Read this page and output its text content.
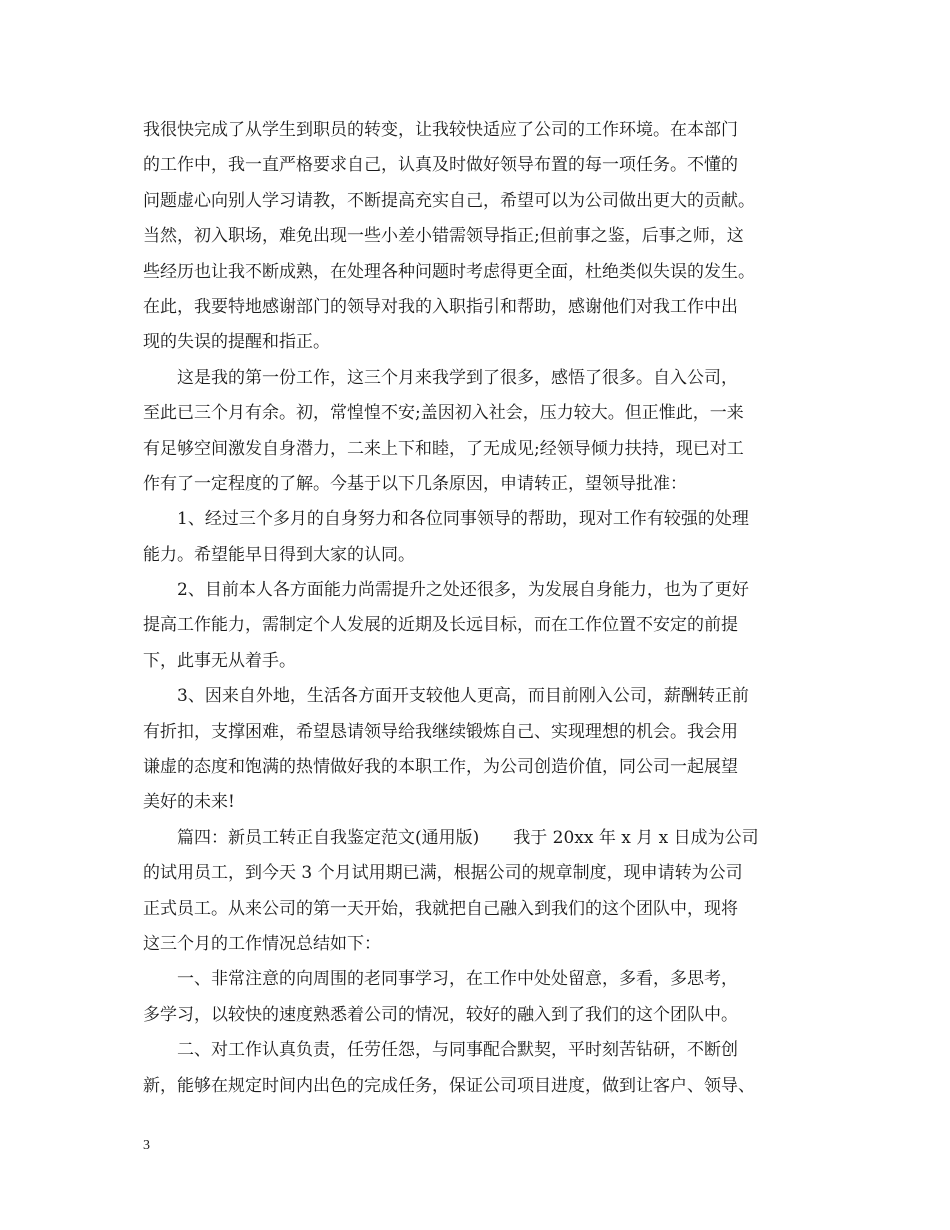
我很快完成了从学生到职员的转变，让我较快适应了公司的工作环境。在本部门
的工作中，我一直严格要求自己，认真及时做好领导布置的每一项任务。不懂的
问题虚心向别人学习请教，不断提高充实自己，希望可以为公司做出更大的贡献。
当然，初入职场，难免出现一些小差小错需领导指正;但前事之鉴，后事之师，这
些经历也让我不断成熟，在处理各种问题时考虑得更全面，杜绝类似失误的发生。
在此，我要特地感谢部门的领导对我的入职指引和帮助，感谢他们对我工作中出
现的失误的提醒和指正。
这是我的第一份工作，这三个月来我学到了很多，感悟了很多。自入公司，
至此已三个月有余。初，常惶惶不安;盖因初入社会，压力较大。但正惟此，一来
有足够空间激发自身潜力，二来上下和睦，了无成见;经领导倾力扶持，现已对工
作有了一定程度的了解。今基于以下几条原因，申请转正，望领导批准：
1、经过三个多月的自身努力和各位同事领导的帮助，现对工作有较强的处理
能力。希望能早日得到大家的认同。
2、目前本人各方面能力尚需提升之处还很多，为发展自身能力，也为了更好
提高工作能力，需制定个人发展的近期及长远目标，而在工作位置不安定的前提
下，此事无从着手。
3、因来自外地，生活各方面开支较他人更高，而目前刚入公司，薪酬转正前
有折扣，支撑困难，希望恳请领导给我继续锻炼自己、实现理想的机会。我会用
谦虚的态度和饱满的热情做好我的本职工作，为公司创造价值，同公司一起展望
美好的未来!
篇四：新员工转正自我鉴定范文(通用版)　　我于 20xx 年 x 月 x 日成为公司
的试用员工，到今天 3 个月试用期已满，根据公司的规章制度，现申请转为公司
正式员工。从来公司的第一天开始，我就把自己融入到我们的这个团队中，现将
这三个月的工作情况总结如下：
一、非常注意的向周围的老同事学习，在工作中处处留意，多看，多思考，
多学习，以较快的速度熟悉着公司的情况，较好的融入到了我们的这个团队中。
二、对工作认真负责，任劳任怨，与同事配合默契，平时刻苦钻研，不断创
新，能够在规定时间内出色的完成任务，保证公司项目进度，做到让客户、领导、
3
